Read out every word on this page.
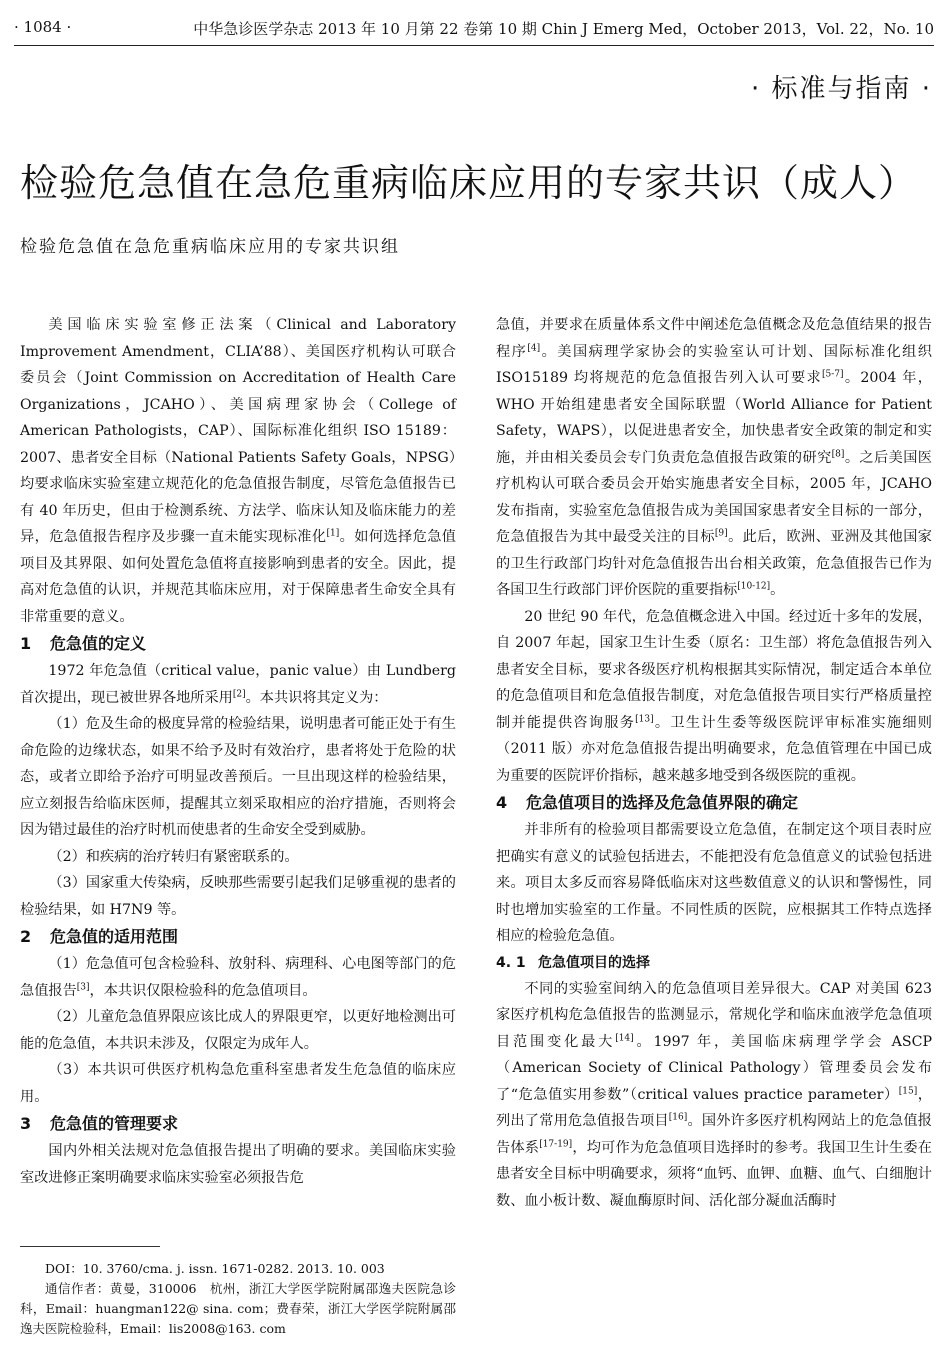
· 1084 ·	中华急诊医学杂志 2013 年 10 月第 22 卷第 10 期 Chin J Emerg Med，October 2013，Vol. 22，No. 10
· 标准与指南 ·
检验危急值在急危重病临床应用的专家共识（成人）
检验危急值在急危重病临床应用的专家共识组

美国临床实验室修正法案（Clinical and Laboratory Improvement Amendment，CLIA’88）、美国医疗机构认可联合委员会（Joint Commission on Accreditation of Health Care Organizations，JCAHO）、美国病理家协会（College of American Pathologists，CAP）、国际标准化组织 ISO 15189：2007、患者安全目标（National Patients Safety Goals，NPSG）均要求临床实验室建立规范化的危急值报告制度，尽管危急值报告已有 40 年历史，但由于检测系统、方法学、临床认知及临床能力的差异，危急值报告程序及步骤一直未能实现标准化[1]。如何选择危急值项目及其界限、如何处置危急值将直接影响到患者的安全。因此，提高对危急值的认识，并规范其临床应用，对于保障患者生命安全具有非常重要的意义。

1 危急值的定义

1972 年危急值（critical value，panic value）由 Lundberg 首次提出，现已被世界各地所采用[2]。本共识将其定义为：

（1）危及生命的极度异常的检验结果，说明患者可能正处于有生命危险的边缘状态，如果不给予及时有效治疗，患者将处于危险的状态，或者立即给予治疗可明显改善预后。一旦出现这样的检验结果，应立刻报告给临床医师，提醒其立刻采取相应的治疗措施，否则将会因为错过最佳的治疗时机而使患者的生命安全受到威胁。

（2）和疾病的治疗转归有紧密联系的。

（3）国家重大传染病，反映那些需要引起我们足够重视的患者的检验结果，如 H7N9 等。

2 危急值的适用范围

（1）危急值可包含检验科、放射科、病理科、心电图等部门的危急值报告[3]，本共识仅限检验科的危急值项目。

（2）儿童危急值界限应该比成人的界限更窄，以更好地检测出可能的危急值，本共识未涉及，仅限定为成年人。

（3）本共识可供医疗机构急危重科室患者发生危急值的临床应用。

3 危急值的管理要求

国内外相关法规对危急值报告提出了明确的要求。美国临床实验室改进修正案明确要求临床实验室必须报告危

DOI：10. 3760/cma. j. issn. 1671-0282. 2013. 10. 003

通信作者：黄曼，310006　杭州，浙江大学医学院附属邵逸夫医院急诊科，Email：huangman122@ sina. com；费春荣，浙江大学医学院附属邵逸夫医院检验科，Email：lis2008@163. com

急值，并要求在质量体系文件中阐述危急值概念及危急值结果的报告程序[4]。美国病理学家协会的实验室认可计划、国际标准化组织 ISO15189 均将规范的危急值报告列入认可要求[5-7]。2004 年，WHO 开始组建患者安全国际联盟（World Alliance for Patient Safety，WAPS），以促进患者安全，加快患者安全政策的制定和实施，并由相关委员会专门负责危急值报告政策的研究[8]。之后美国医疗机构认可联合委员会开始实施患者安全目标，2005 年，JCAHO 发布指南，实验室危急值报告成为美国国家患者安全目标的一部分，危急值报告为其中最受关注的目标[9]。此后，欧洲、亚洲及其他国家的卫生行政部门均针对危急值报告出台相关政策，危急值报告已作为各国卫生行政部门评价医院的重要指标[10-12]。

20 世纪 90 年代，危急值概念进入中国。经过近十多年的发展，自 2007 年起，国家卫生计生委（原名：卫生部）将危急值报告列入患者安全目标，要求各级医疗机构根据其实际情况，制定适合本单位的危急值项目和危急值报告制度，对危急值报告项目实行严格质量控制并能提供咨询服务[13]。卫生计生委等级医院评审标准实施细则（2011 版）亦对危急值报告提出明确要求，危急值管理在中国已成为重要的医院评价指标，越来越多地受到各级医院的重视。

4 危急值项目的选择及危急值界限的确定

并非所有的检验项目都需要设立危急值，在制定这个项目表时应把确实有意义的试验包括进去，不能把没有危急值意义的试验包括进来。项目太多反而容易降低临床对这些数值意义的认识和警惕性，同时也增加实验室的工作量。不同性质的医院，应根据其工作特点选择相应的检验危急值。

4. 1 危急值项目的选择

不同的实验室间纳入的危急值项目差异很大。CAP 对美国 623 家医疗机构危急值报告的监测显示，常规化学和临床血液学危急值项目范围变化最大[14]。1997 年，美国临床病理学学会 ASCP（American Society of Clinical Pathology）管理委员会发布了“危急值实用参数”（critical values practice parameter）[15]，列出了常用危急值报告项目[16]。国外许多医疗机构网站上的危急值报告体系[17-19]，均可作为危急值项目选择时的参考。我国卫生计生委在患者安全目标中明确要求，须将“血钙、血钾、血糖、血气、白细胞计数、血小板计数、凝血酶原时间、活化部分凝血活酶时
